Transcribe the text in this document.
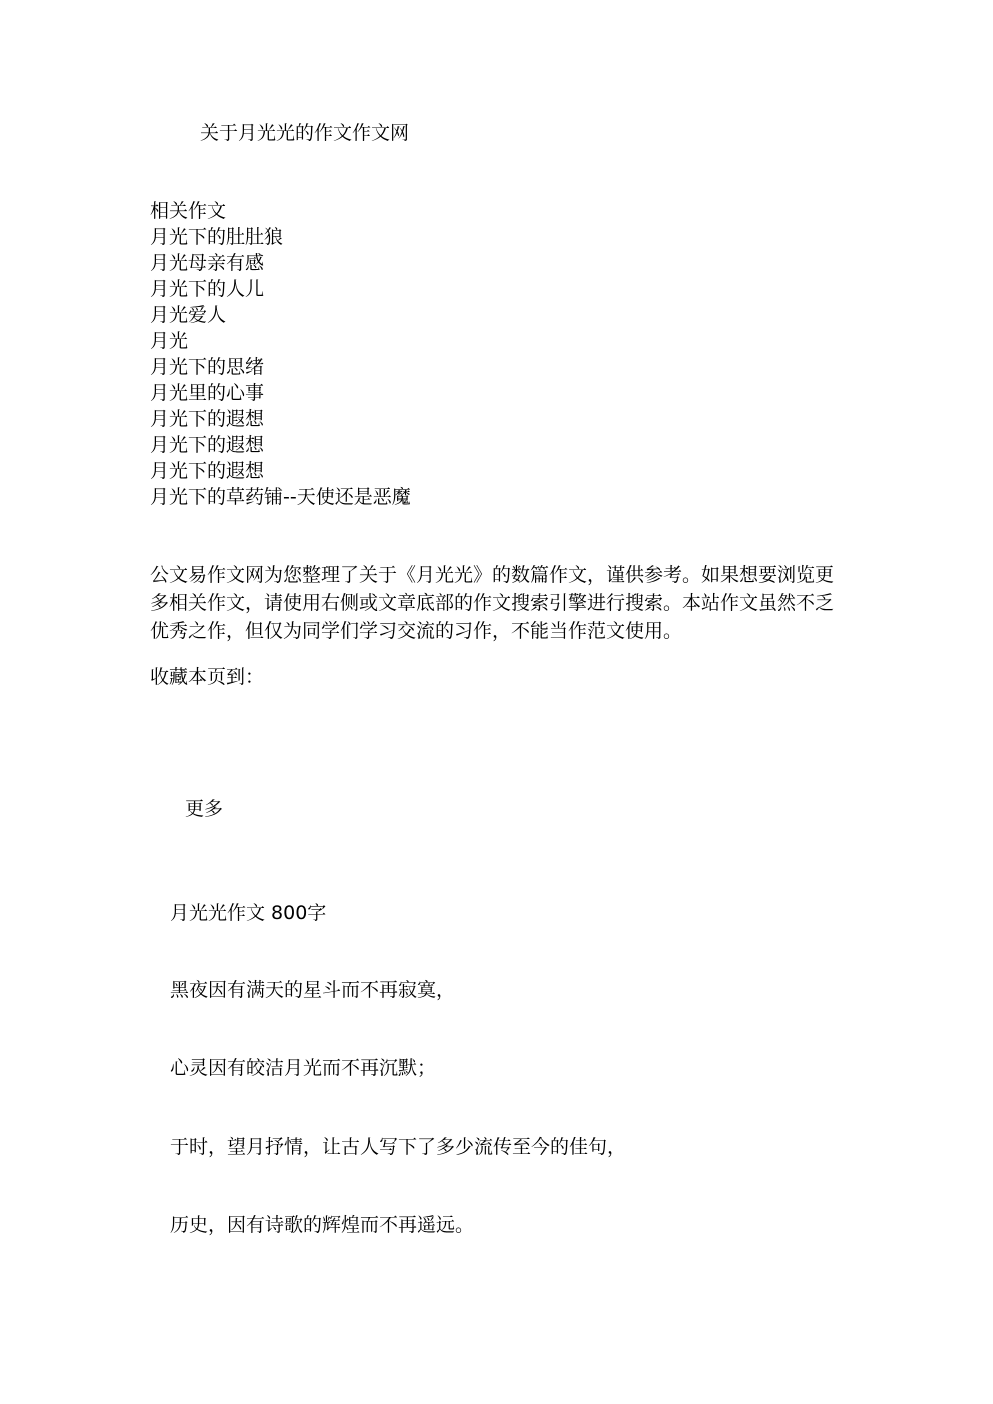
关于月光光的作文作文网
相关作文
月光下的肚肚狼
月光母亲有感
月光下的人儿
月光爱人
月光
月光下的思绪
月光里的心事
月光下的遐想
月光下的遐想
月光下的遐想
月光下的草药铺--天使还是恶魔

公文易作文网为您整理了关于《月光光》的数篇作文，谨供参考。如果想要浏览更多相关作文，请使用右侧或文章底部的作文搜索引擎进行搜索。本站作文虽然不乏优秀之作，但仅为同学们学习交流的习作，不能当作范文使用。

收藏本页到：
更多
月光光作文 800字
黑夜因有满天的星斗而不再寂寞，
心灵因有皎洁月光而不再沉默；
于时，望月抒情，让古人写下了多少流传至今的佳句，
历史，因有诗歌的辉煌而不再遥远。
